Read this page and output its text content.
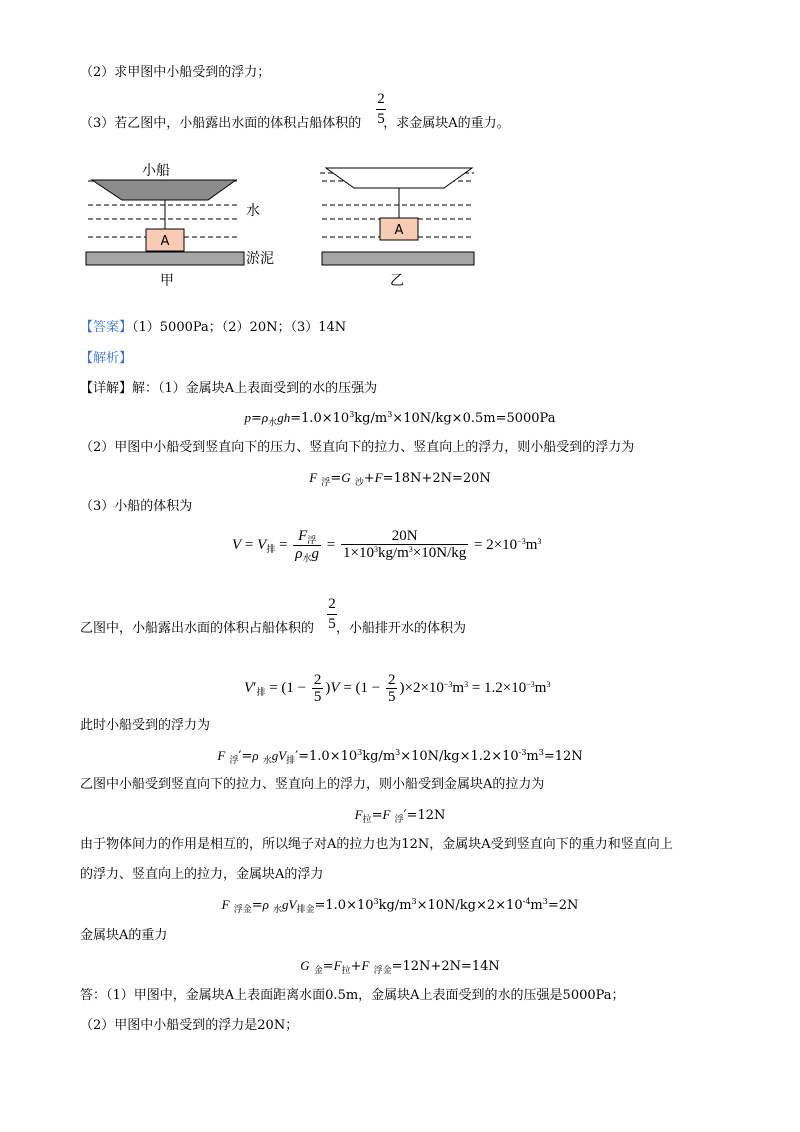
（2）求甲图中小船受到的浮力；
（3）若乙图中，小船露出水面的体积占船体积的 ，求金属块A的重力。
2
5
A
小船
水
淤泥
甲
A
乙
【答案】（1）5000Pa；（2）20N；（3）14N
【解析】
【详解】解：（1）金属块A上表面受到的水的压强为
$p=\rho_水gh=1.0\times 10^3kg/m^3\times 10N/kg\times 0.5m=5000Pa$
（2）甲图中小船受到竖直向下的压力、竖直向下的拉力、竖直向上的浮力，则小船受到的浮力为
F $_浮$=G $_沙$+F=18N+2N=20N
（3）小船的体积为
$V = V_排 = \frac{F_浮}{\rho_水g} = \frac{20N}{1\times 10^3kg/m^3\times 10N/kg} = 2\times 10^{-3}m^3$
乙图中，小船露出水面的体积占船体积的 ，小船排开水的体积为
2
5
$V'_排 = (1 - \frac{2}{5} )V = (1 - \frac{2}{5} )\times 2\times 10^{-3}m^3 = 1.2\times 10^{-3}m^3$
此时小船受到的浮力为
F $_浮$′=ρ $_水gV_排'=1.0\times 10^3kg/m^3\times 10N/kg\times 1.2\times 10^{-3}m^3=12N$
乙图中小船受到竖直向下的拉力、竖直向上的浮力，则小船受到金属块A的拉力为
$F_拉=F$ $_浮$′=12N
由于物体间力的作用是相互的，所以绳子对A的拉力也为12N，金属块A受到竖直向下的重力和竖直向上
的浮力、竖直向上的拉力，金属块A的浮力
F $_{浮金}$=ρ $_水gV_{排金}=1.0\times 10^3kg/m^3\times 10N/kg\times 2\times 10^{-4}m^3=2N$
金属块A的重力
G $_金=F_拉+F$ $_{浮金}$=12N+2N=14N
答：（1）甲图中，金属块A上表面距离水面0.5m，金属块A上表面受到的水的压强是5000Pa；
（2）甲图中小船受到的浮力是20N；
